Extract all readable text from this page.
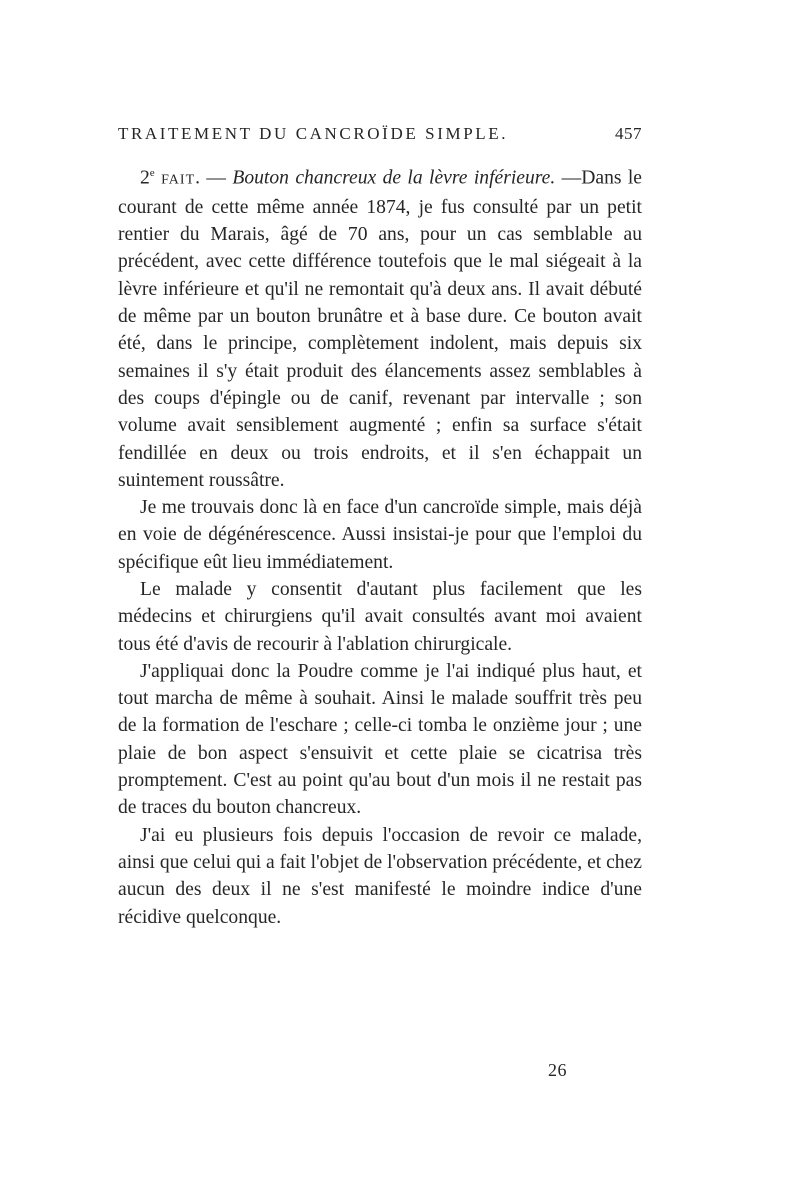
TRAITEMENT DU CANCROÏDE SIMPLE.	457

2e FAIT. — Bouton chancreux de la lèvre inférieure. —Dans le courant de cette même année 1874, je fus consulté par un petit rentier du Marais, âgé de 70 ans, pour un cas semblable au précédent, avec cette différence toutefois que le mal siégeait à la lèvre inférieure et qu'il ne remontait qu'à deux ans. Il avait débuté de même par un bouton brunâtre et à base dure. Ce bouton avait été, dans le principe, complètement indolent, mais depuis six semaines il s'y était produit des élancements assez semblables à des coups d'épingle ou de canif, revenant par intervalle ; son volume avait sensiblement augmenté ; enfin sa surface s'était fendillée en deux ou trois endroits, et il s'en échappait un suintement roussâtre.

Je me trouvais donc là en face d'un cancroïde simple, mais déjà en voie de dégénérescence. Aussi insistai-je pour que l'emploi du spécifique eût lieu immédiatement.

Le malade y consentit d'autant plus facilement que les médecins et chirurgiens qu'il avait consultés avant moi avaient tous été d'avis de recourir à l'ablation chirurgicale.

J'appliquai donc la Poudre comme je l'ai indiqué plus haut, et tout marcha de même à souhait. Ainsi le malade souffrit très peu de la formation de l'eschare ; celle-ci tomba le onzième jour ; une plaie de bon aspect s'ensuivit et cette plaie se cicatrisa très promptement. C'est au point qu'au bout d'un mois il ne restait pas de traces du bouton chancreux.

J'ai eu plusieurs fois depuis l'occasion de revoir ce malade, ainsi que celui qui a fait l'objet de l'observation précédente, et chez aucun des deux il ne s'est manifesté le moindre indice d'une récidive quelconque.

26
